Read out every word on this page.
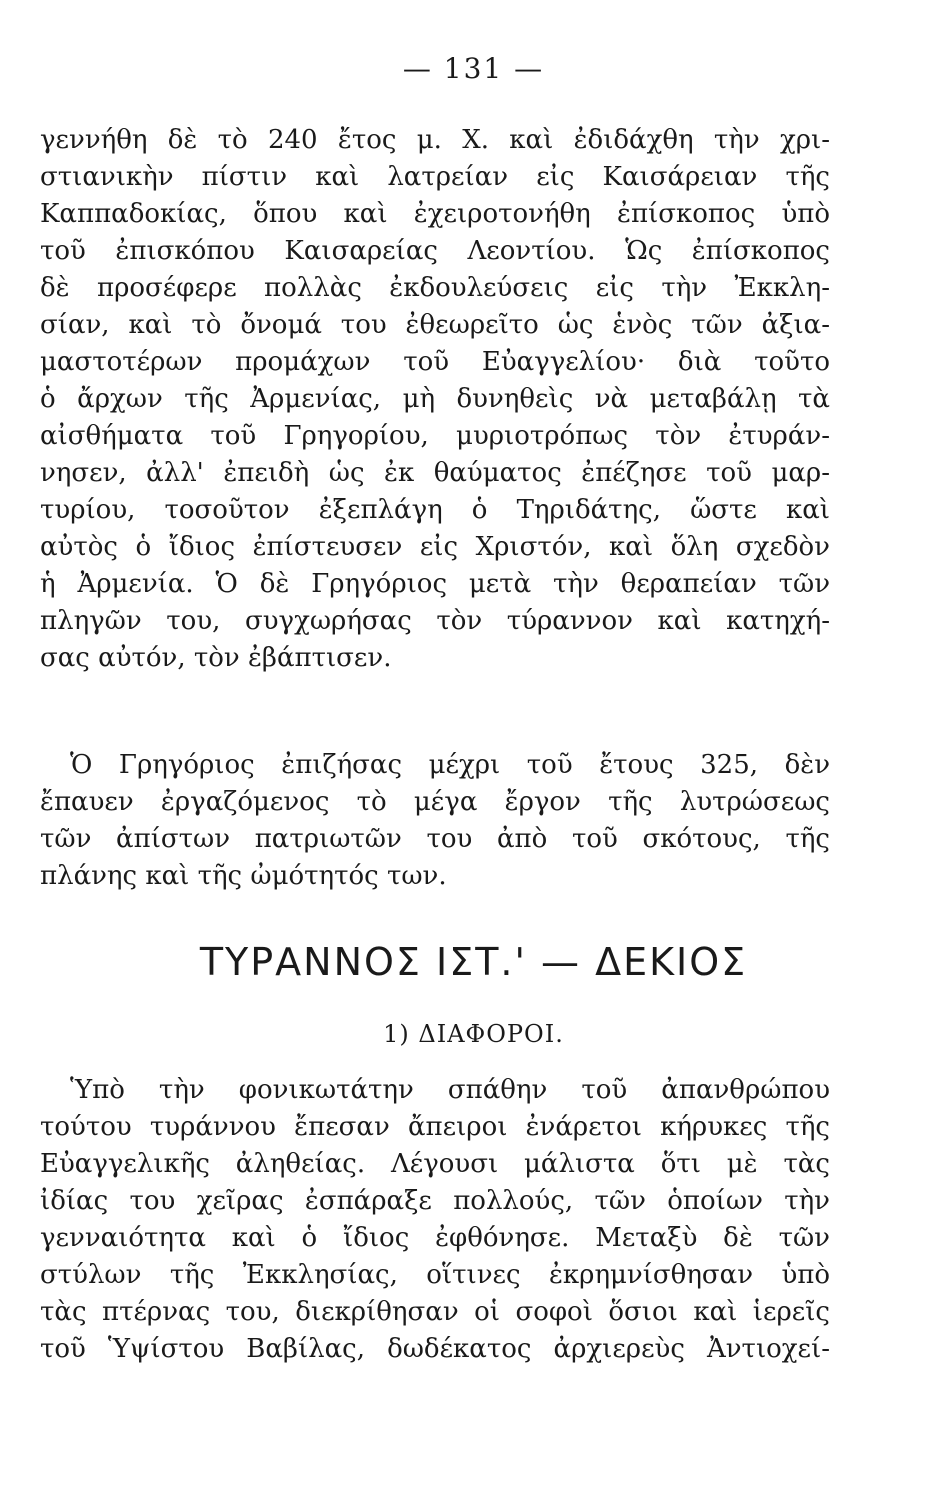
— 131 —
γεννήθη δὲ τὸ 240 ἔτος μ. Χ. καὶ ἐδιδάχθη τὴν χρι-
στιανικὴν πίστιν καὶ λατρείαν εἰς Καισάρειαν τῆς
Καππαδοκίας, ὅπου καὶ ἐχειροτονήθη ἐπίσκοπος ὑπὸ
τοῦ ἐπισκόπου Καισαρείας Λεοντίου. Ὡς ἐπίσκοπος
δὲ προσέφερε πολλὰς ἐκδουλεύσεις εἰς τὴν Ἐκκλη-
σίαν, καὶ τὸ ὄνομά του ἐθεωρεῖτο ὡς ἑνὸς τῶν ἀξια-
μαστοτέρων προμάχων τοῦ Εὐαγγελίου· διὰ τοῦτο
ὁ ἄρχων τῆς Ἀρμενίας, μὴ δυνηθεὶς νὰ μεταβάλῃ τὰ
αἰσθήματα τοῦ Γρηγορίου, μυριοτρόπως τὸν ἐτυράν-
νησεν, ἀλλ' ἐπειδὴ ὡς ἐκ θαύματος ἐπέζησε τοῦ μαρ-
τυρίου, τοσοῦτον ἐξεπλάγη ὁ Τηριδάτης, ὥστε καὶ
αὐτὸς ὁ ἴδιος ἐπίστευσεν εἰς Χριστόν, καὶ ὅλη σχεδὸν
ἡ Ἀρμενία. Ὁ δὲ Γρηγόριος μετὰ τὴν θεραπείαν τῶν
πληγῶν του, συγχωρήσας τὸν τύραννον καὶ κατηχή-
σας αὐτόν, τὸν ἐβάπτισεν.
Ὁ Γρηγόριος ἐπιζήσας μέχρι τοῦ ἔτους 325, δὲν
ἔπαυεν ἐργαζόμενος τὸ μέγα ἔργον τῆς λυτρώσεως
τῶν ἀπίστων πατριωτῶν του ἀπὸ τοῦ σκότους, τῆς
πλάνης καὶ τῆς ὠμότητός των.
ΤΥΡΑΝΝΟΣ ΙΣΤ.' — ΔΕΚΙΟΣ
1) ΔΙΑΦΟΡΟΙ.
Ὑπὸ τὴν φονικωτάτην σπάθην τοῦ ἀπανθρώπου
τούτου τυράννου ἔπεσαν ἄπειροι ἐνάρετοι κήρυκες τῆς
Εὐαγγελικῆς ἀληθείας. Λέγουσι μάλιστα ὅτι μὲ τὰς
ἰδίας του χεῖρας ἐσπάραξε πολλούς, τῶν ὁποίων τὴν
γενναιότητα καὶ ὁ ἴδιος ἐφθόνησε. Μεταξὺ δὲ τῶν
στύλων τῆς Ἐκκλησίας, οἵτινες ἐκρημνίσθησαν ὑπὸ
τὰς πτέρνας του, διεκρίθησαν οἱ σοφοὶ ὅσιοι καὶ ἱερεῖς
τοῦ Ὑψίστου Βαβίλας, δωδέκατος ἀρχιερεὺς Ἀντιοχεί-
